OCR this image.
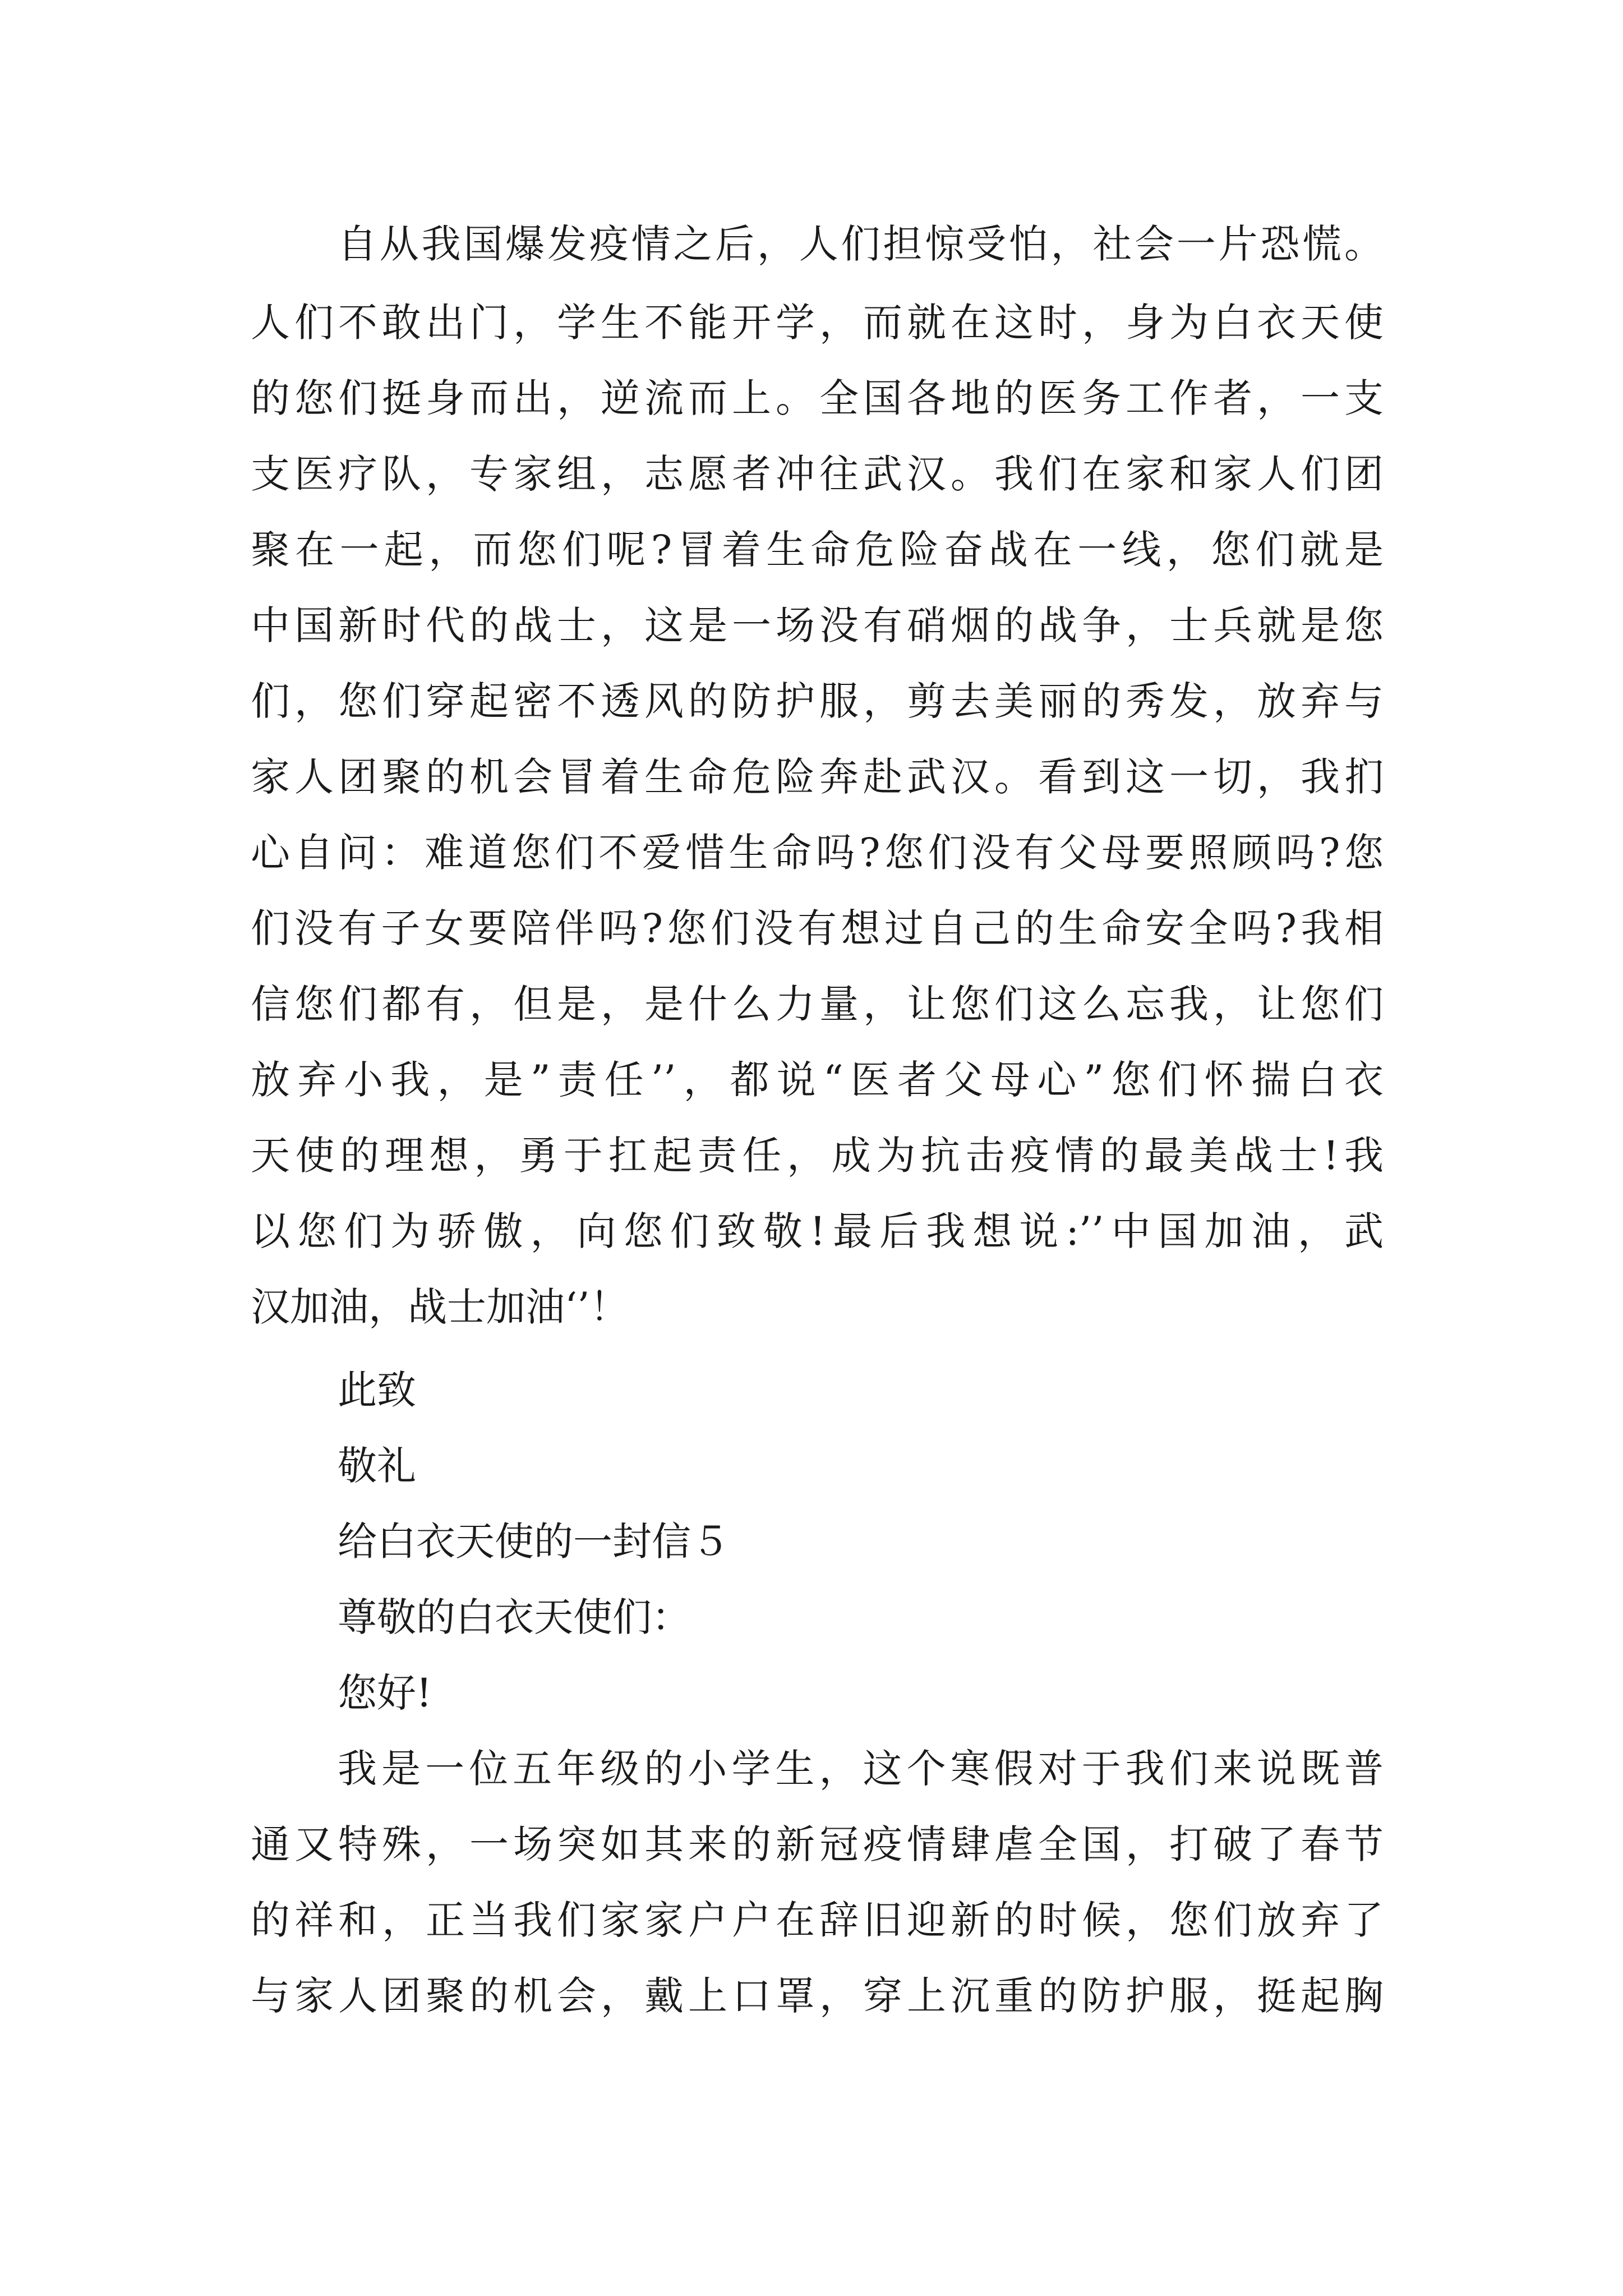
自从我国爆发疫情之后，人们担惊受怕，社会一片恐慌。
人们不敢出门，学生不能开学，而就在这时，身为白衣天使
的您们挺身而出，逆流而上。全国各地的医务工作者，一支
支医疗队，专家组，志愿者冲往武汉。我们在家和家人们团
聚在一起，而您们呢?冒着生命危险奋战在一线，您们就是
中国新时代的战士，这是一场没有硝烟的战争，士兵就是您
们，您们穿起密不透风的防护服，剪去美丽的秀发，放弃与
家人团聚的机会冒着生命危险奔赴武汉。看到这一切，我扪
心自问：难道您们不爱惜生命吗?您们没有父母要照顾吗?您
们没有子女要陪伴吗?您们没有想过自己的生命安全吗?我相
信您们都有，但是，是什么力量，让您们这么忘我，让您们
放弃小我，是”责任’’，都说“医者父母心”您们怀揣白衣
天使的理想，勇于扛起责任，成为抗击疫情的最美战士!我
以您们为骄傲，向您们致敬!最后我想说:’’中国加油，武
汉加油，战士加油‘’！
此致
敬礼
给白衣天使的一封信５
尊敬的白衣天使们：
您好!
我是一位五年级的小学生，这个寒假对于我们来说既普
通又特殊，一场突如其来的新冠疫情肆虐全国，打破了春节
的祥和，正当我们家家户户在辞旧迎新的时候，您们放弃了
与家人团聚的机会，戴上口罩，穿上沉重的防护服，挺起胸
